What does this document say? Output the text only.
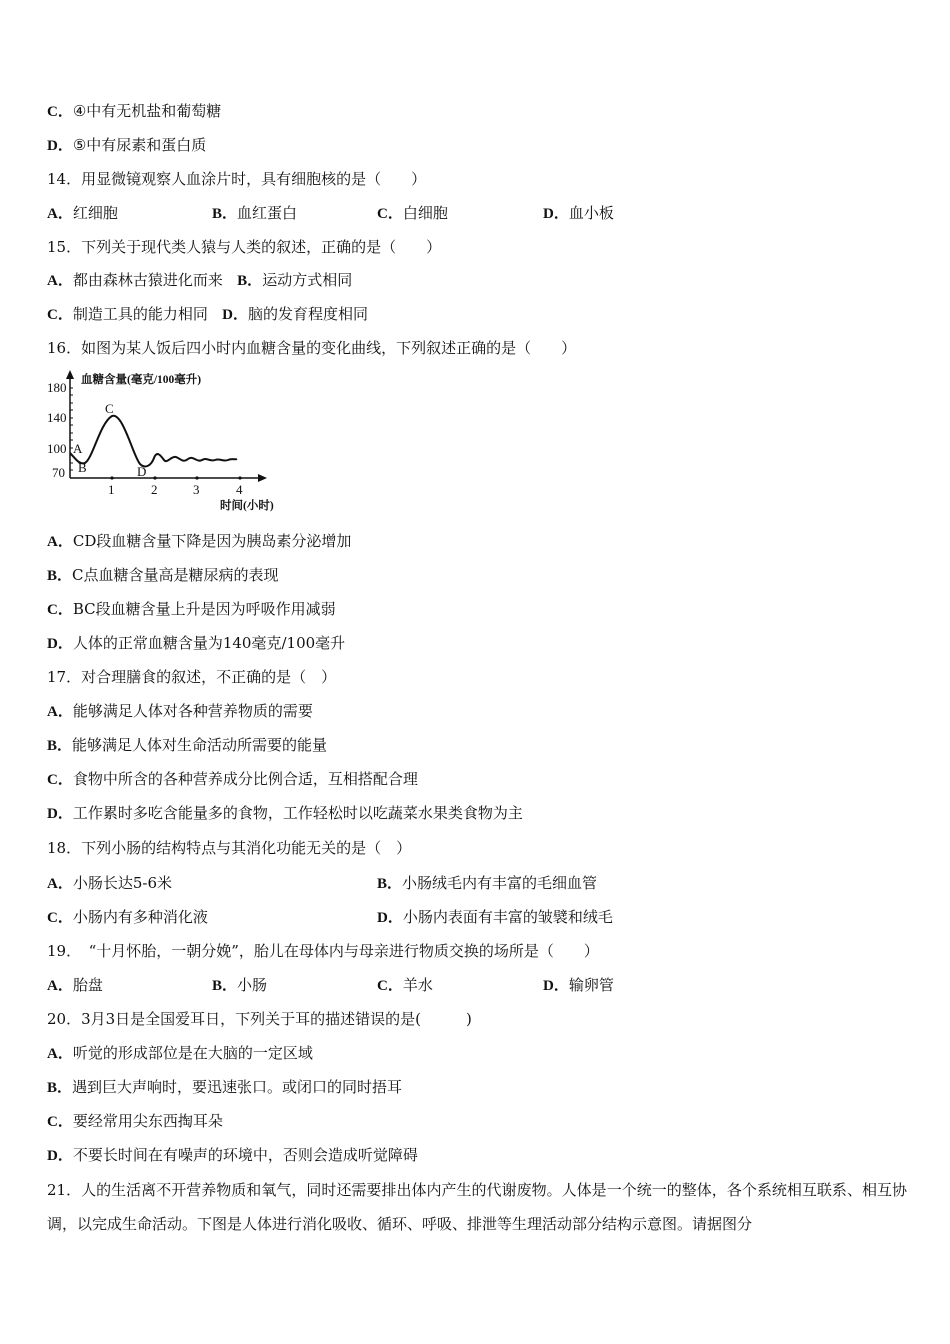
C．④中有无机盐和葡萄糖
D．⑤中有尿素和蛋白质
14．用显微镜观察人血涂片时，具有细胞核的是（　　）
A．红细胞	B．血红蛋白	C．白细胞	D．血小板
15．下列关于现代类人猿与人类的叙述，正确的是（　　）
A．都由森林古猿进化而来 B．运动方式相同
C．制造工具的能力相同 D．脑的发育程度相同
16．如图为某人饭后四小时内血糖含量的变化曲线，下列叙述正确的是（　　）
180
140
100
70
1	2	3	4
血糖含量(毫克/100毫升)
时间(小时)
A
B
C
D
A．CD段血糖含量下降是因为胰岛素分泌增加
B．C点血糖含量高是糖尿病的表现
C．BC段血糖含量上升是因为呼吸作用减弱
D．人体的正常血糖含量为140毫克/100毫升
17．对合理膳食的叙述，不正确的是（　）
A．能够满足人体对各种营养物质的需要
B．能够满足人体对生命活动所需要的能量
C．食物中所含的各种营养成分比例合适，互相搭配合理
D．工作累时多吃含能量多的食物，工作轻松时以吃蔬菜水果类食物为主
18．下列小肠的结构特点与其消化功能无关的是（　）
A．小肠长达5-6米	B．小肠绒毛内有丰富的毛细血管
C．小肠内有多种消化液	D．小肠内表面有丰富的皱襞和绒毛
19．　“十月怀胎，一朝分娩”，胎儿在母体内与母亲进行物质交换的场所是（　　）
A．胎盘	B．小肠	C．羊水	D．输卵管
20．3月3日是全国爱耳日，下列关于耳的描述错误的是(　　　)
A．听觉的形成部位是在大脑的一定区域
B．遇到巨大声响时，要迅速张口。或闭口的同时捂耳
C．要经常用尖东西掏耳朵
D．不要长时间在有噪声的环境中，否则会造成听觉障碍
21．人的生活离不开营养物质和氧气，同时还需要排出体内产生的代谢废物。人体是一个统一的整体，各个系统相互联系、相互协调，以完成生命活动。下图是人体进行消化吸收、循环、呼吸、排泄等生理活动部分结构示意图。请据图分
